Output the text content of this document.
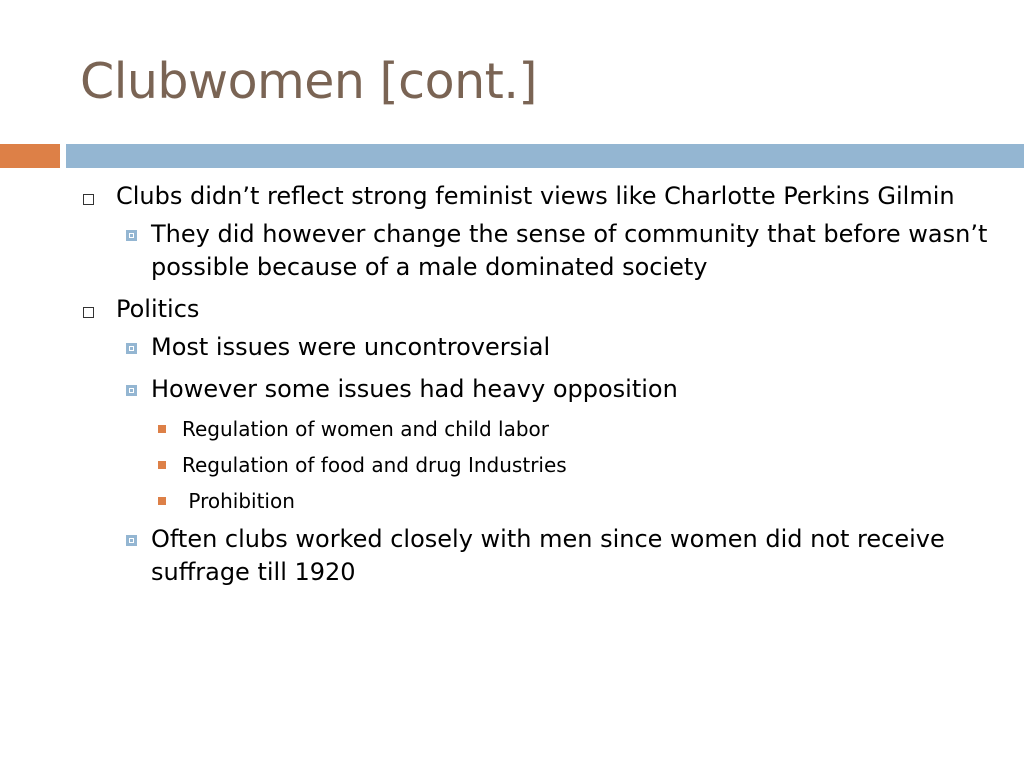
Clubwomen [cont.]
Clubs didn’t reflect strong feminist views like Charlotte Perkins Gilmin
They did however change the sense of community that before wasn’t possible because of a male dominated society
Politics
Most issues were uncontroversial
However some issues had heavy opposition
Regulation of women and child labor
Regulation of food and drug Industries
Prohibition
Often clubs worked closely with men since women did not receive suffrage till 1920
